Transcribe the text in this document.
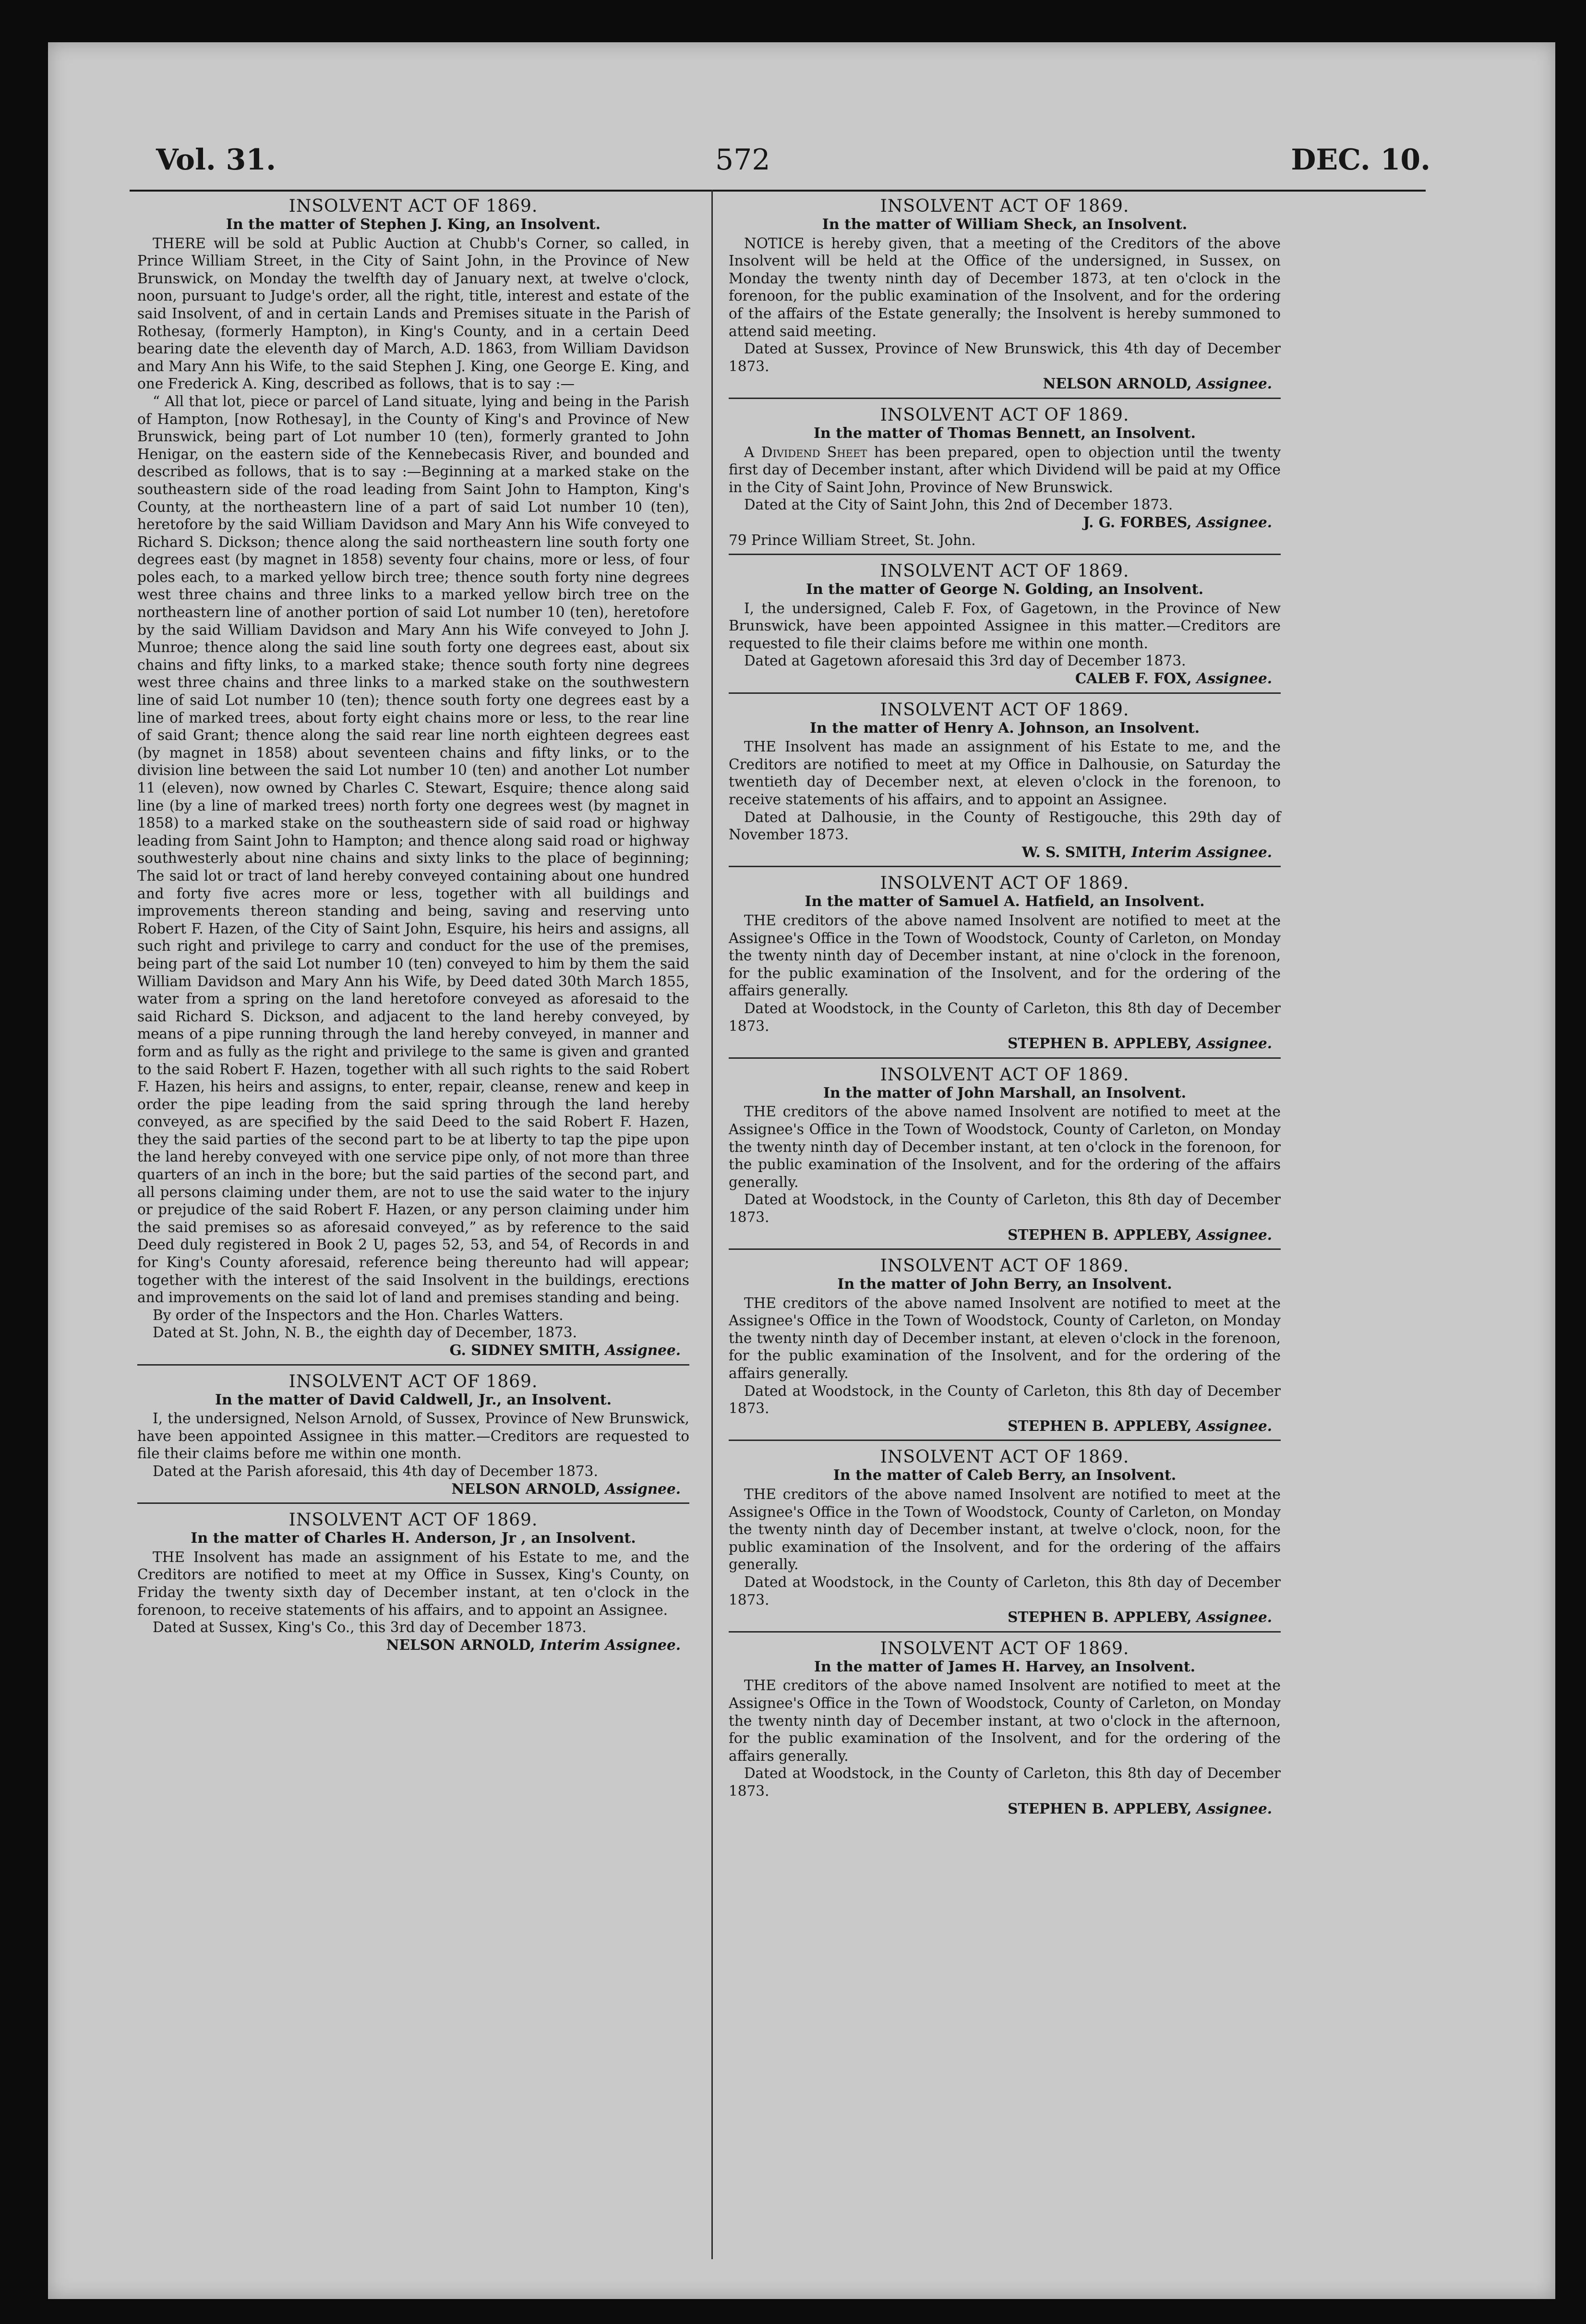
Vol. 31.	572	DEC. 10.
INSOLVENT ACT OF 1869.
In the matter of Stephen J. King, an Insolvent.

THERE will be sold at Public Auction at Chubb's Corner, so called, in Prince William Street, in the City of Saint John, in the Province of New Brunswick, on Monday the twelfth day of January next, at twelve o'clock, noon, pursuant to Judge's order, all the right, title, interest and estate of the said Insolvent, of and in certain Lands and Premises situate in the Parish of Rothesay, (formerly Hampton), in King's County, and in a certain Deed bearing date the eleventh day of March, A.D. 1863, from William Davidson and Mary Ann his Wife, to the said Stephen J. King, one George E. King, and one Frederick A. King, described as follows, that is to say :—

“ All that lot, piece or parcel of Land situate, lying and being in the Parish of Hampton, [now Rothesay], in the County of King's and Province of New Brunswick, being part of Lot number 10 (ten), formerly granted to John Henigar, on the eastern side of the Kennebecasis River, and bounded and described as follows, that is to say :—Beginning at a marked stake on the southeastern side of the road leading from Saint John to Hampton, King's County, at the northeastern line of a part of said Lot number 10 (ten), heretofore by the said William Davidson and Mary Ann his Wife conveyed to Richard S. Dickson; thence along the said northeastern line south forty one degrees east (by magnet in 1858) seventy four chains, more or less, of four poles each, to a marked yellow birch tree; thence south forty nine degrees west three chains and three links to a marked yellow birch tree on the northeastern line of another portion of said Lot number 10 (ten), heretofore by the said William Davidson and Mary Ann his Wife conveyed to John J. Munroe; thence along the said line south forty one degrees east, about six chains and fifty links, to a marked stake; thence south forty nine degrees west three chains and three links to a marked stake on the southwestern line of said Lot number 10 (ten); thence south forty one degrees east by a line of marked trees, about forty eight chains more or less, to the rear line of said Grant; thence along the said rear line north eighteen degrees east (by magnet in 1858) about seventeen chains and fifty links, or to the division line between the said Lot number 10 (ten) and another Lot number 11 (eleven), now owned by Charles C. Stewart, Esquire; thence along said line (by a line of marked trees) north forty one degrees west (by magnet in 1858) to a marked stake on the southeastern side of said road or highway leading from Saint John to Hampton; and thence along said road or highway southwesterly about nine chains and sixty links to the place of beginning; The said lot or tract of land hereby conveyed containing about one hundred and forty five acres more or less, together with all buildings and improvements thereon standing and being, saving and reserving unto Robert F. Hazen, of the City of Saint John, Esquire, his heirs and assigns, all such right and privilege to carry and conduct for the use of the premises, being part of the said Lot number 10 (ten) conveyed to him by them the said William Davidson and Mary Ann his Wife, by Deed dated 30th March 1855, water from a spring on the land heretofore conveyed as aforesaid to the said Richard S. Dickson, and adjacent to the land hereby conveyed, by means of a pipe running through the land hereby conveyed, in manner and form and as fully as the right and privilege to the same is given and granted to the said Robert F. Hazen, together with all such rights to the said Robert F. Hazen, his heirs and assigns, to enter, repair, cleanse, renew and keep in order the pipe leading from the said spring through the land hereby conveyed, as are specified by the said Deed to the said Robert F. Hazen, they the said parties of the second part to be at liberty to tap the pipe upon the land hereby conveyed with one service pipe only, of not more than three quarters of an inch in the bore; but the said parties of the second part, and all persons claiming under them, are not to use the said water to the injury or prejudice of the said Robert F. Hazen, or any person claiming under him the said premises so as aforesaid conveyed,” as by reference to the said Deed duly registered in Book 2 U, pages 52, 53, and 54, of Records in and for King's County aforesaid, reference being thereunto had will appear; together with the interest of the said Insolvent in the buildings, erections and improvements on the said lot of land and premises standing and being.

By order of the Inspectors and the Hon. Charles Watters.

Dated at St. John, N. B., the eighth day of December, 1873.

G. SIDNEY SMITH, Assignee.
INSOLVENT ACT OF 1869.
In the matter of David Caldwell, Jr., an Insolvent.

I, the undersigned, Nelson Arnold, of Sussex, Province of New Brunswick, have been appointed Assignee in this matter.—Creditors are requested to file their claims before me within one month.

Dated at the Parish aforesaid, this 4th day of December 1873.

NELSON ARNOLD, Assignee.
INSOLVENT ACT OF 1869.
In the matter of Charles H. Anderson, Jr , an Insolvent.

THE Insolvent has made an assignment of his Estate to me, and the Creditors are notified to meet at my Office in Sussex, King's County, on Friday the twenty sixth day of December instant, at ten o'clock in the forenoon, to receive statements of his affairs, and to appoint an Assignee.

Dated at Sussex, King's Co., this 3rd day of December 1873.

NELSON ARNOLD, Interim Assignee.
INSOLVENT ACT OF 1869.
In the matter of William Sheck, an Insolvent.

NOTICE is hereby given, that a meeting of the Creditors of the above Insolvent will be held at the Office of the undersigned, in Sussex, on Monday the twenty ninth day of December 1873, at ten o'clock in the forenoon, for the public examination of the Insolvent, and for the ordering of the affairs of the Estate generally; the Insolvent is hereby summoned to attend said meeting.

Dated at Sussex, Province of New Brunswick, this 4th day of December 1873.

NELSON ARNOLD, Assignee.
INSOLVENT ACT OF 1869.
In the matter of Thomas Bennett, an Insolvent.

A Dividend Sheet has been prepared, open to objection until the twenty first day of December instant, after which Dividend will be paid at my Office in the City of Saint John, Province of New Brunswick.

Dated at the City of Saint John, this 2nd of December 1873.

J. G. FORBES, Assignee.

79 Prince William Street, St. John.

INSOLVENT ACT OF 1869.
In the matter of George N. Golding, an Insolvent.

I, the undersigned, Caleb F. Fox, of Gagetown, in the Province of New Brunswick, have been appointed Assignee in this matter.—Creditors are requested to file their claims before me within one month.

Dated at Gagetown aforesaid this 3rd day of December 1873.

CALEB F. FOX, Assignee.
INSOLVENT ACT OF 1869.
In the matter of Henry A. Johnson, an Insolvent.

THE Insolvent has made an assignment of his Estate to me, and the Creditors are notified to meet at my Office in Dalhousie, on Saturday the twentieth day of December next, at eleven o'clock in the forenoon, to receive statements of his affairs, and to appoint an Assignee.

Dated at Dalhousie, in the County of Restigouche, this 29th day of November 1873.

W. S. SMITH, Interim Assignee.
INSOLVENT ACT OF 1869.
In the matter of Samuel A. Hatfield, an Insolvent.

THE creditors of the above named Insolvent are notified to meet at the Assignee's Office in the Town of Woodstock, County of Carleton, on Monday the twenty ninth day of December instant, at nine o'clock in the forenoon, for the public examination of the Insolvent, and for the ordering of the affairs generally.

Dated at Woodstock, in the County of Carleton, this 8th day of December 1873.

STEPHEN B. APPLEBY, Assignee.
INSOLVENT ACT OF 1869.
In the matter of John Marshall, an Insolvent.

THE creditors of the above named Insolvent are notified to meet at the Assignee's Office in the Town of Woodstock, County of Carleton, on Monday the twenty ninth day of December instant, at ten o'clock in the forenoon, for the public examination of the Insolvent, and for the ordering of the affairs generally.

Dated at Woodstock, in the County of Carleton, this 8th day of December 1873.

STEPHEN B. APPLEBY, Assignee.
INSOLVENT ACT OF 1869.
In the matter of John Berry, an Insolvent.

THE creditors of the above named Insolvent are notified to meet at the Assignee's Office in the Town of Woodstock, County of Carleton, on Monday the twenty ninth day of December instant, at eleven o'clock in the forenoon, for the public examination of the Insolvent, and for the ordering of the affairs generally.

Dated at Woodstock, in the County of Carleton, this 8th day of December 1873.

STEPHEN B. APPLEBY, Assignee.
INSOLVENT ACT OF 1869.
In the matter of Caleb Berry, an Insolvent.

THE creditors of the above named Insolvent are notified to meet at the Assignee's Office in the Town of Woodstock, County of Carleton, on Monday the twenty ninth day of December instant, at twelve o'clock, noon, for the public examination of the Insolvent, and for the ordering of the affairs generally.

Dated at Woodstock, in the County of Carleton, this 8th day of December 1873.

STEPHEN B. APPLEBY, Assignee.
INSOLVENT ACT OF 1869.
In the matter of James H. Harvey, an Insolvent.

THE creditors of the above named Insolvent are notified to meet at the Assignee's Office in the Town of Woodstock, County of Carleton, on Monday the twenty ninth day of December instant, at two o'clock in the afternoon, for the public examination of the Insolvent, and for the ordering of the affairs generally.

Dated at Woodstock, in the County of Carleton, this 8th day of December 1873.

STEPHEN B. APPLEBY, Assignee.
